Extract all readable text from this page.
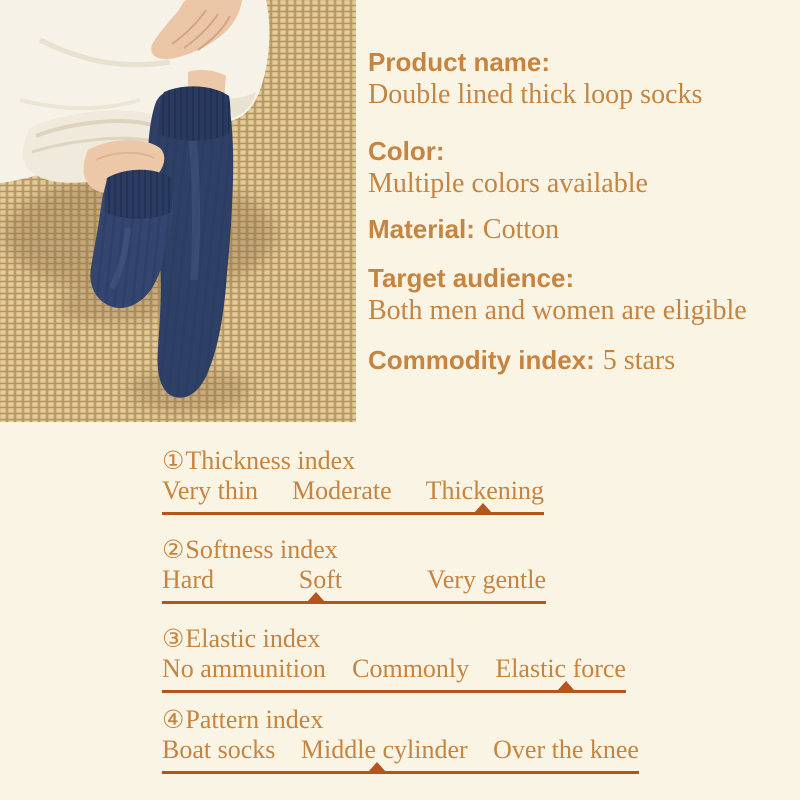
Product name:
Double lined thick loop socks
Color:
Multiple colors available
Material: Cotton
Target audience:
Both men and women are eligible
Commodity index: 5 stars
①Thickness index
Very thin Moderate Thickening
②Softness index
Hard	Soft	Very gentle
③Elastic index
No ammunition Commonly Elastic force
④Pattern index
Boat socks Middle cylinder Over the knee
